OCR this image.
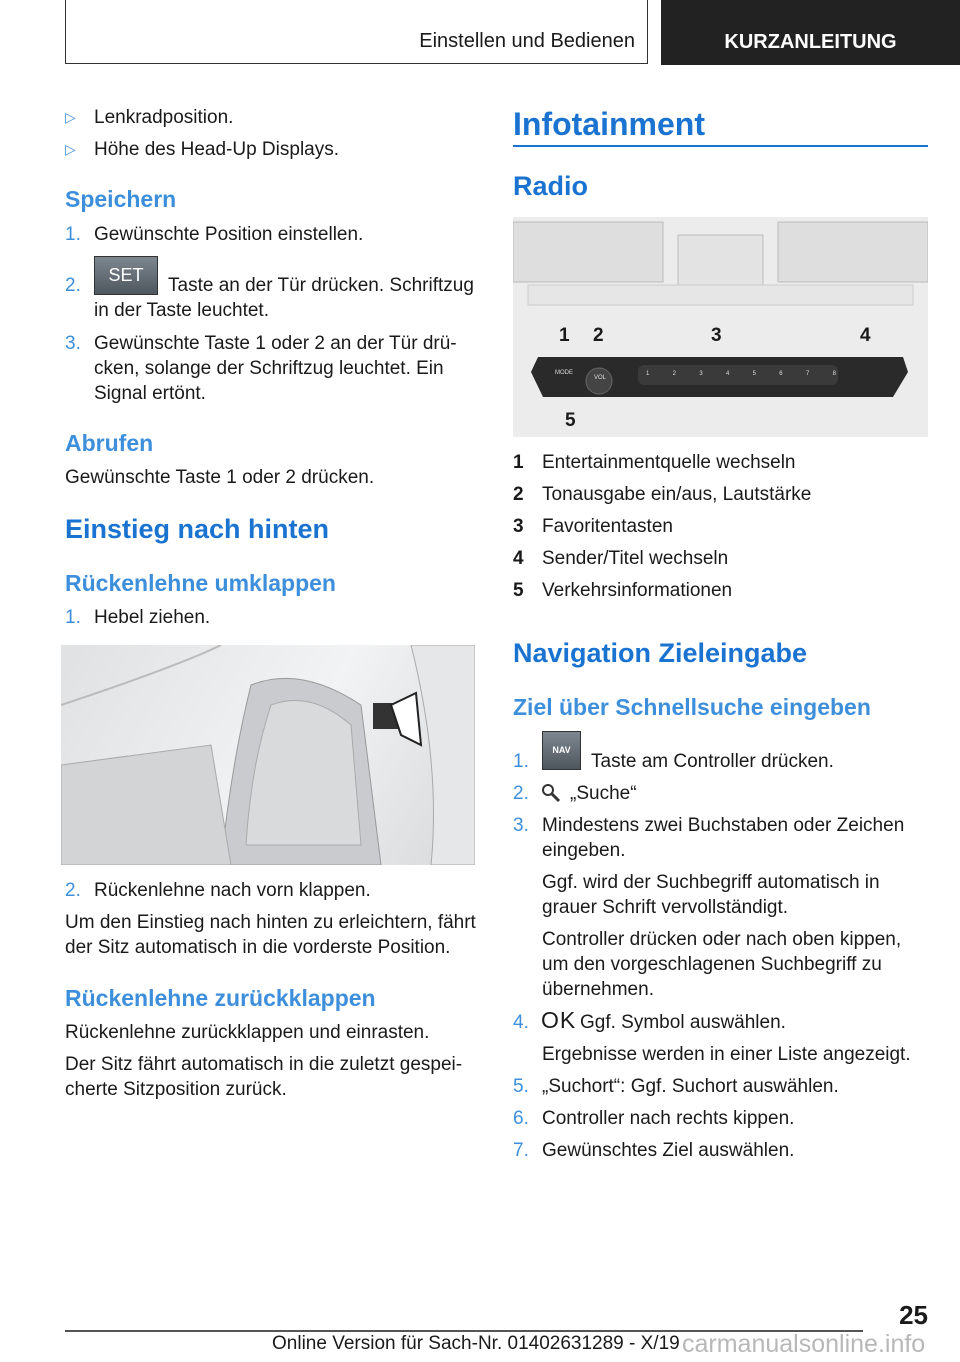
Einstellen und Bedienen	KURZANLEITUNG
▷ Lenkradposition.
▷ Höhe des Head-Up Displays.
Speichern
1. Gewünschte Position einstellen.
2.	SET	Taste an der Tür drücken. Schriftzug
in der Taste leuchtet.
3. Gewünschte Taste 1 oder 2 an der Tür drü-
cken, solange der Schriftzug leuchtet. Ein
Signal ertönt.
Abrufen
Gewünschte Taste 1 oder 2 drücken.
Einstieg nach hinten
Rückenlehne umklappen
1. Hebel ziehen.
2. Rückenlehne nach vorn klappen.
Um den Einstieg nach hinten zu erleichtern, fährt
der Sitz automatisch in die vorderste Position.
Rückenlehne zurückklappen
Rückenlehne zurückklappen und einrasten.
Der Sitz fährt automatisch in die zuletzt gespei-
cherte Sitzposition zurück.
Infotainment
Radio
MODE
VOL
1	2	3	4	5	6	7	8
1 2	3	4
5
1 Entertainmentquelle wechseln
2 Tonausgabe ein/aus, Lautstärke
3 Favoritentasten
4 Sender/Titel wechseln
5 Verkehrsinformationen
Navigation Zieleingabe
Ziel über Schnellsuche eingeben
1.
NAV
Taste am Controller drücken.
2. „Suche“
3. Mindestens zwei Buchstaben oder Zeichen
eingeben.
Ggf. wird der Suchbegriff automatisch in
grauer Schrift vervollständigt.
Controller drücken oder nach oben kippen,
um den vorgeschlagenen Suchbegriff zu
übernehmen.
4. OK Ggf. Symbol auswählen.
Ergebnisse werden in einer Liste angezeigt.
5. „Suchort“: Ggf. Suchort auswählen.
6. Controller nach rechts kippen.
7. Gewünschtes Ziel auswählen.
25
Online Version für Sach-Nr. 01402631289 - X/19 carmanualsonline.info
